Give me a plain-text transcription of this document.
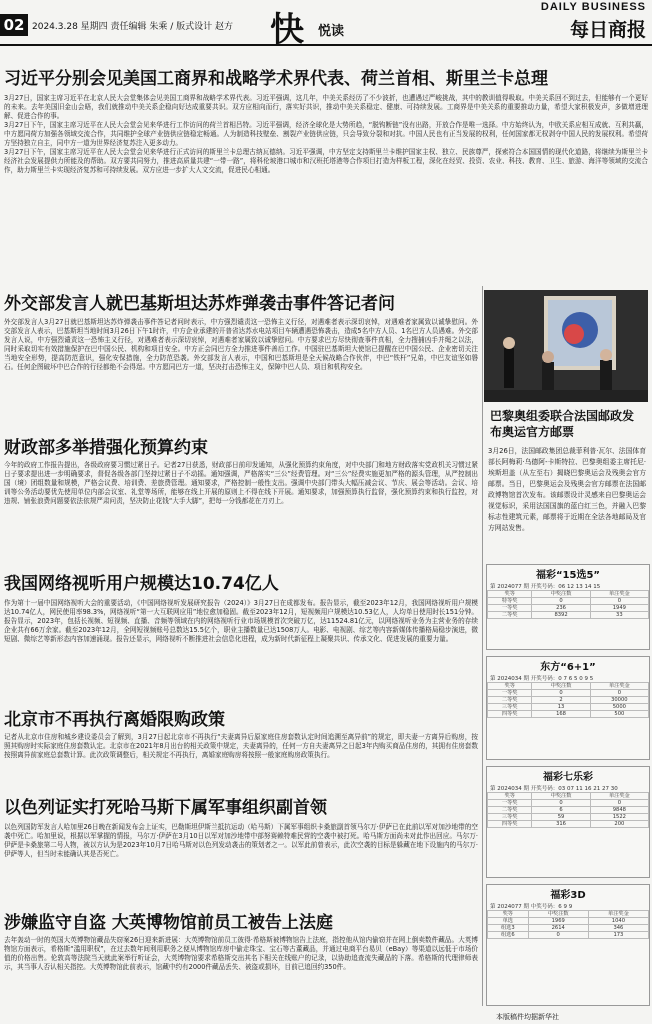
02 2024.3.28 星期四 责任编辑 朱乘 / 版式设计 赵方 快 悦读
DAILY BUSINESS
每日商报
习近平分别会见美国工商界和战略学术界代表、荷兰首相、斯里兰卡总理
3月27日，国家主席习近平在北京人民大会堂集体会见美国工商界和战略学术界代表。习近平强调，这几年，中美关系经历了不少波折，也遭遇过严峻挑战，其中的教训值得吸取。中美关系回不到过去，但能够有一个更好的未来。去年美国旧金山会晤，我们就推动中美关系企稳向好达成重要共识。双方应相向而行，落实好共识，推动中美关系稳定、健康、可持续发展。工商界是中美关系的重要推动力量，希望大家积极发声，多做增进理解、促进合作的事。
3月27日下午，国家主席习近平在人民大会堂会见来华进行工作访问的荷兰首相吕特。习近平强调，经济全球化是大势所趋，“脱钩断链”没有出路，开放合作是唯一选择。中方始终认为，中欧关系应相互成就、互利共赢，中方愿同荷方加强各领域交流合作，共同维护全球产业链供应链稳定畅通。人为制造科技壁垒、割裂产业链供应链，只会导致分裂和对抗。中国人民也有正当发展的权利，任何国家都无权剥夺中国人民的发展权利。希望荷方坚持独立自主，同中方一道为世界经济复苏注入更多动力。
3月27日下午，国家主席习近平在人民大会堂会见来华进行正式访问的斯里兰卡总理古纳瓦德纳。习近平强调，中方坚定支持斯里兰卡维护国家主权、独立、民族尊严，探索符合本国国情的现代化道路，将继续为斯里兰卡经济社会发展提供力所能及的帮助。双方要共同努力，推进高质量共建“一带一路”，将科伦坡港口城市和汉班托塔港等合作项目打造为样板工程，深化在经贸、投资、农业、科技、教育、卫生、旅游、海洋等领域的交流合作，助力斯里兰卡实现经济复苏和可持续发展。双方应进一步扩大人文交流，促进民心相通。
外交部发言人就巴基斯坦达苏炸弹袭击事件答记者问
外交部发言人3月27日就巴基斯坦达苏炸弹袭击事件答记者问时表示，中方强烈谴责这一恐怖主义行径，对遇难者表示深切哀悼，对遇难者家属致以诚挚慰问。外交部发言人表示，巴基斯坦当地时间3月26日下午1时许，中方企业承建的开普省达苏水电站项目车辆遭遇恐怖袭击，造成5名中方人员、1名巴方人员遇难。外交部发言人说，中方强烈谴责这一恐怖主义行径，对遇难者表示深切哀悼，对遇难者家属致以诚挚慰问。中方要求巴方尽快彻查事件真相，全力搜捕凶手并绳之以法，同时采取切实有效措施保护在巴中国公民、机构和项目安全。中方正会同巴方全力推进事件善后工作。中国驻巴基斯坦大使馆已提醒在巴中国公民、企业密切关注当地安全形势，提高防范意识，强化安保措施，全力防范恐袭。外交部发言人表示，中国和巴基斯坦是全天候战略合作伙伴，中巴“铁杆”兄弟，中巴友谊坚如磐石。任何企图破坏中巴合作的行径都绝不会得逞。中方愿同巴方一道，坚决打击恐怖主义，保障中巴人员、项目和机构安全。
巴黎奥组委联合法国邮政发布奥运官方邮票
3月26日，法国邮政集团总裁菲利普·瓦尔、法国体育部长阿梅莉·乌德阿-卡斯特拉、巴黎奥组委主席托尼·埃斯坦盖（从左至右）揭晓巴黎奥运会及残奥会官方邮票。当日，巴黎奥运会及残奥会官方邮票在法国邮政博物馆首次发布。该邮票设计灵感来自巴黎奥运会视觉标识，采用法国国旗的蓝白红三色，并融入巴黎标志性建筑元素，邮票将于近期在全法各地邮局及官方网站发售。
财政部多举措强化预算约束
今年的政府工作报告提出，各级政府要习惯过紧日子。记者27日获悉，财政部日前印发通知，从强化预算约束角度，对中央部门和地方财政落实党政机关习惯过紧日子要求提出进一步明确要求，督促各级各部门坚持过紧日子不动摇。通知强调，严格落实“三公”经费管理。对“三公”经费实施更加严格的源头管理，从严控制出国（境）团组数量和规模，严格会议费、培训费、差旅费管理。通知要求，严格控制一般性支出。强调中央部门带头大幅压减会议、节庆、展会等活动。会议、培训等公务活动要优先使用单位内部会议室、礼堂等场所，能够在线上开展的原则上不得在线下开展。通知要求，加强预算执行监督，强化预算约束和执行监控，对违规、铺张浪费问题要依法依规严肃问责，坚决防止花钱“大手大脚”，把每一分钱都花在刀刃上。
我国网络视听用户规模达10.74亿人
作为第十一届中国网络视听大会的重要活动，《中国网络视听发展研究报告（2024）》3月27日在成都发布。报告显示，截至2023年12月，我国网络视听用户规模达10.74亿人，网民使用率98.3%，网络视听“第一大互联网应用”地位愈加稳固。截至2023年12月，短视频用户规模达10.53亿人，人均单日使用时长151分钟。报告显示，2023年，包括长视频、短视频、直播、音频等领域在内的网络视听行业市场规模首次突破万亿，达11524.81亿元，以网络视听业务为主营业务的存续企业共有66万余家。截至2023年12月，全网短视频账号总数达15.5亿个，职业主播数量已达1508万人。电影、电视剧、综艺等内容新媒体传播格局稳步演进，微短剧、微综艺等新形态内容加速涌现。报告还显示，网络视听不断推进社会信息化进程，成为新时代新征程上凝聚共识、传承文化、促进发展的重要力量。
北京市不再执行离婚限购政策
记者从北京市住房和城乡建设委员会了解到，3月27日起北京市不再执行“夫妻离异后原家庭住房套数认定时间追溯至离异前”的规定，即夫妻一方离异后购房，按照其购房时实际家庭住房套数认定。北京市在2021年8月出台的相关政策中规定，夫妻离异的，任何一方自夫妻离异之日起3年内购买商品住房的，其拥有住房套数按照离异前家庭总套数计算。此次政策调整后，相关规定不再执行，离婚家庭购房将按照一般家庭购房政策执行。
以色列证实打死哈马斯下属军事组织副首领
以色列国防军发言人哈加里26日晚在新闻发布会上证实，巴勒斯坦伊斯兰抵抗运动（哈马斯）下属军事组织卡桑旅副首领马尔万·伊萨已在此前以军对加沙地带的空袭中死亡。哈加里说，根据以军掌握的情报，马尔万·伊萨在3月10日以军对加沙地带中部努赛赖特难民营的空袭中被打死。哈马斯方面尚未对此作出回应。马尔万·伊萨是卡桑旅第二号人物，被以方认为是2023年10月7日哈马斯对以色列发动袭击的策划者之一。以军此前曾表示，此次空袭的目标是躲藏在地下设施内的马尔万·伊萨等人，但当时未能确认其是否死亡。
涉嫌监守自盗 大英博物馆前员工被告上法庭
去年轰动一时的英国大英博物馆藏品失窃案26日迎来新进展：大英博物馆前员工彼得·希格斯被博物馆告上法庭，指控他从馆内偷窃并在网上倒卖数件藏品。大英博物馆方面表示，希格斯“滥用职权”，在过去数年间利用职务之便从博物馆库房中偷走珠宝、宝石等古董藏品，并通过电商平台易贝（eBay）等渠道以远低于市场价值的价格出售。伦敦高等法院当天就此案举行听证会，大英博物馆要求希格斯交出其名下相关在线账户的记录，以协助追查流失藏品的下落。希格斯的代理律师表示，其当事人否认相关指控。大英博物馆此前表示，馆藏中约有2000件藏品丢失、被盗或损坏，目前已追回约350件。
福彩“15选5”
第 2024077 期 开奖号码：06 12 13 14 15
奖等	中奖注数	单注奖金
特等奖	0	0
一等奖	236	1949
二等奖	8392	33
东方“6+1”
第 2024034 期 开奖号码：0 7 6 5 0 9 5
奖等	中奖注数	单注奖金
一等奖	0	0
二等奖	2	30000
三等奖	13	5000
四等奖	168	500
福彩七乐彩
第 2024034 期 开奖号码：03 07 11 16 21 27 30
奖等	中奖注数	单注奖金
一等奖	0	0
二等奖	6	9848
三等奖	59	1522
四等奖	316	200
福彩3D
第 2024077 期 中奖号码：6 9 9
奖等	中奖注数	单注奖金
单选	1969	1040
组选3	2614	346
组选6	0	173
本版稿件均据新华社
